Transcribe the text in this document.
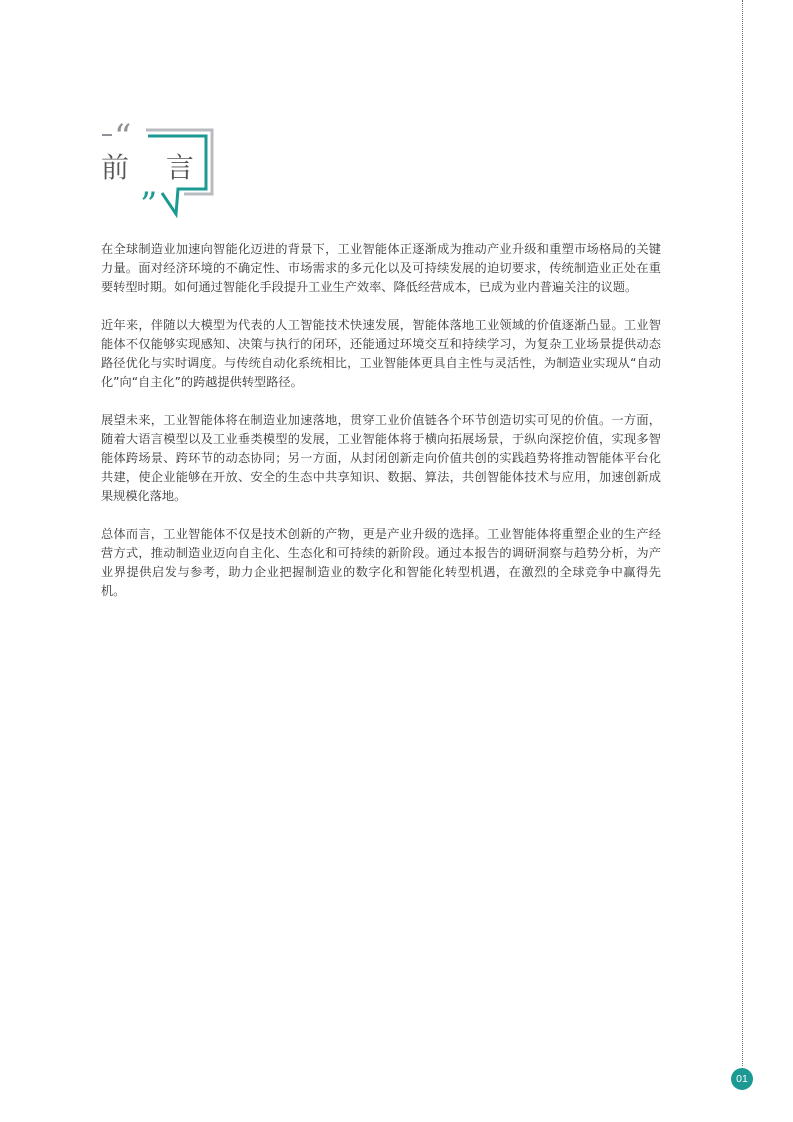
“
”
前 言

在全球制造业加速向智能化迈进的背景下，工业智能体正逐渐成为推动产业升级和重塑市场格局的关键力量。面对经济环境的不确定性、市场需求的多元化以及可持续发展的迫切要求，传统制造业正处在重要转型时期。如何通过智能化手段提升工业生产效率、降低经营成本，已成为业内普遍关注的议题。

近年来，伴随以大模型为代表的人工智能技术快速发展，智能体落地工业领域的价值逐渐凸显。工业智能体不仅能够实现感知、决策与执行的闭环，还能通过环境交互和持续学习，为复杂工业场景提供动态路径优化与实时调度。与传统自动化系统相比，工业智能体更具自主性与灵活性，为制造业实现从“自动化”向“自主化”的跨越提供转型路径。

展望未来，工业智能体将在制造业加速落地，贯穿工业价值链各个环节创造切实可见的价值。一方面，随着大语言模型以及工业垂类模型的发展，工业智能体将于横向拓展场景，于纵向深挖价值，实现多智能体跨场景、跨环节的动态协同；另一方面，从封闭创新走向价值共创的实践趋势将推动智能体平台化共建，使企业能够在开放、安全的生态中共享知识、数据、算法，共创智能体技术与应用，加速创新成果规模化落地。

总体而言，工业智能体不仅是技术创新的产物，更是产业升级的选择。工业智能体将重塑企业的生产经营方式，推动制造业迈向自主化、生态化和可持续的新阶段。通过本报告的调研洞察与趋势分析，为产业界提供启发与参考，助力企业把握制造业的数字化和智能化转型机遇，在激烈的全球竞争中赢得先机。

01
